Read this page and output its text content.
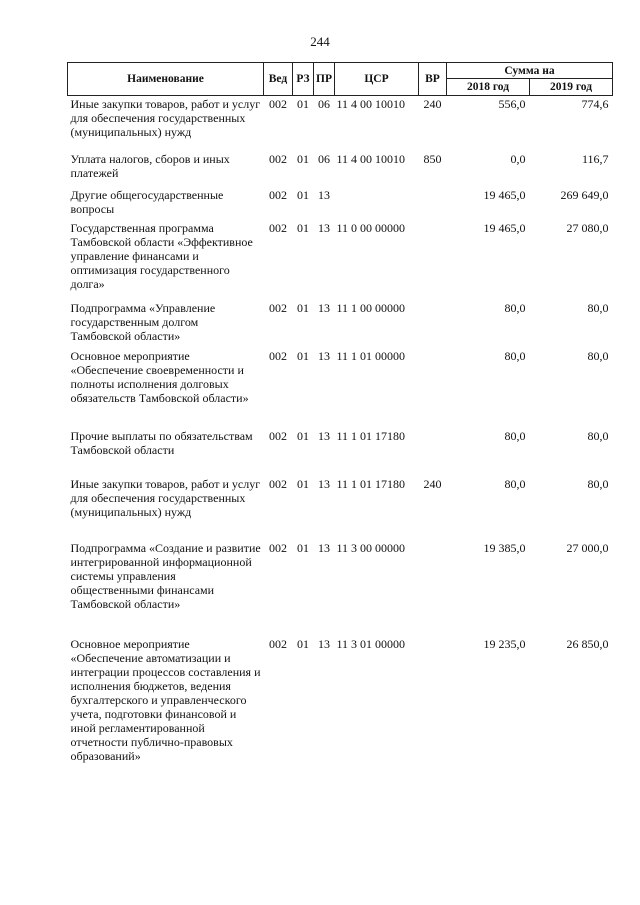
244
Наименование	Вед	РЗ	ПР	ЦСР	ВР	Сумма на	
						2018 год	2019 год
Иные закупки товаров, работ и услуг для обеспечения государственных (муниципальных) нужд	002	01	06	11 4 00 10010	240	556,0	774,6
Уплата налогов, сборов и иных платежей	002	01	06	11 4 00 10010	850	0,0	116,7
Другие общегосударственные вопросы	002	01	13			19 465,0	269 649,0
Государственная программа Тамбовской области «Эффективное управление финансами и оптимизация государственного долга»	002	01	13	11 0 00 00000		19 465,0	27 080,0
Подпрограмма «Управление государственным долгом Тамбовской области»	002	01	13	11 1 00 00000		80,0	80,0
Основное мероприятие «Обеспечение своевременности и полноты исполнения долговых обязательств Тамбовской области»	002	01	13	11 1 01 00000		80,0	80,0
Прочие выплаты по обязательствам Тамбовской области	002	01	13	11 1 01 17180		80,0	80,0
Иные закупки товаров, работ и услуг для обеспечения государственных (муниципальных) нужд	002	01	13	11 1 01 17180	240	80,0	80,0
Подпрограмма «Создание и развитие интегрированной информационной системы управления общественными финансами Тамбовской области»	002	01	13	11 3 00 00000		19 385,0	27 000,0
Основное мероприятие «Обеспечение автоматизации и интеграции процессов составления и исполнения бюджетов, ведения бухгалтерского и управленческого учета, подготовки финансовой и иной регламентированной отчетности публично-правовых образований»	002	01	13	11 3 01 00000		19 235,0	26 850,0
